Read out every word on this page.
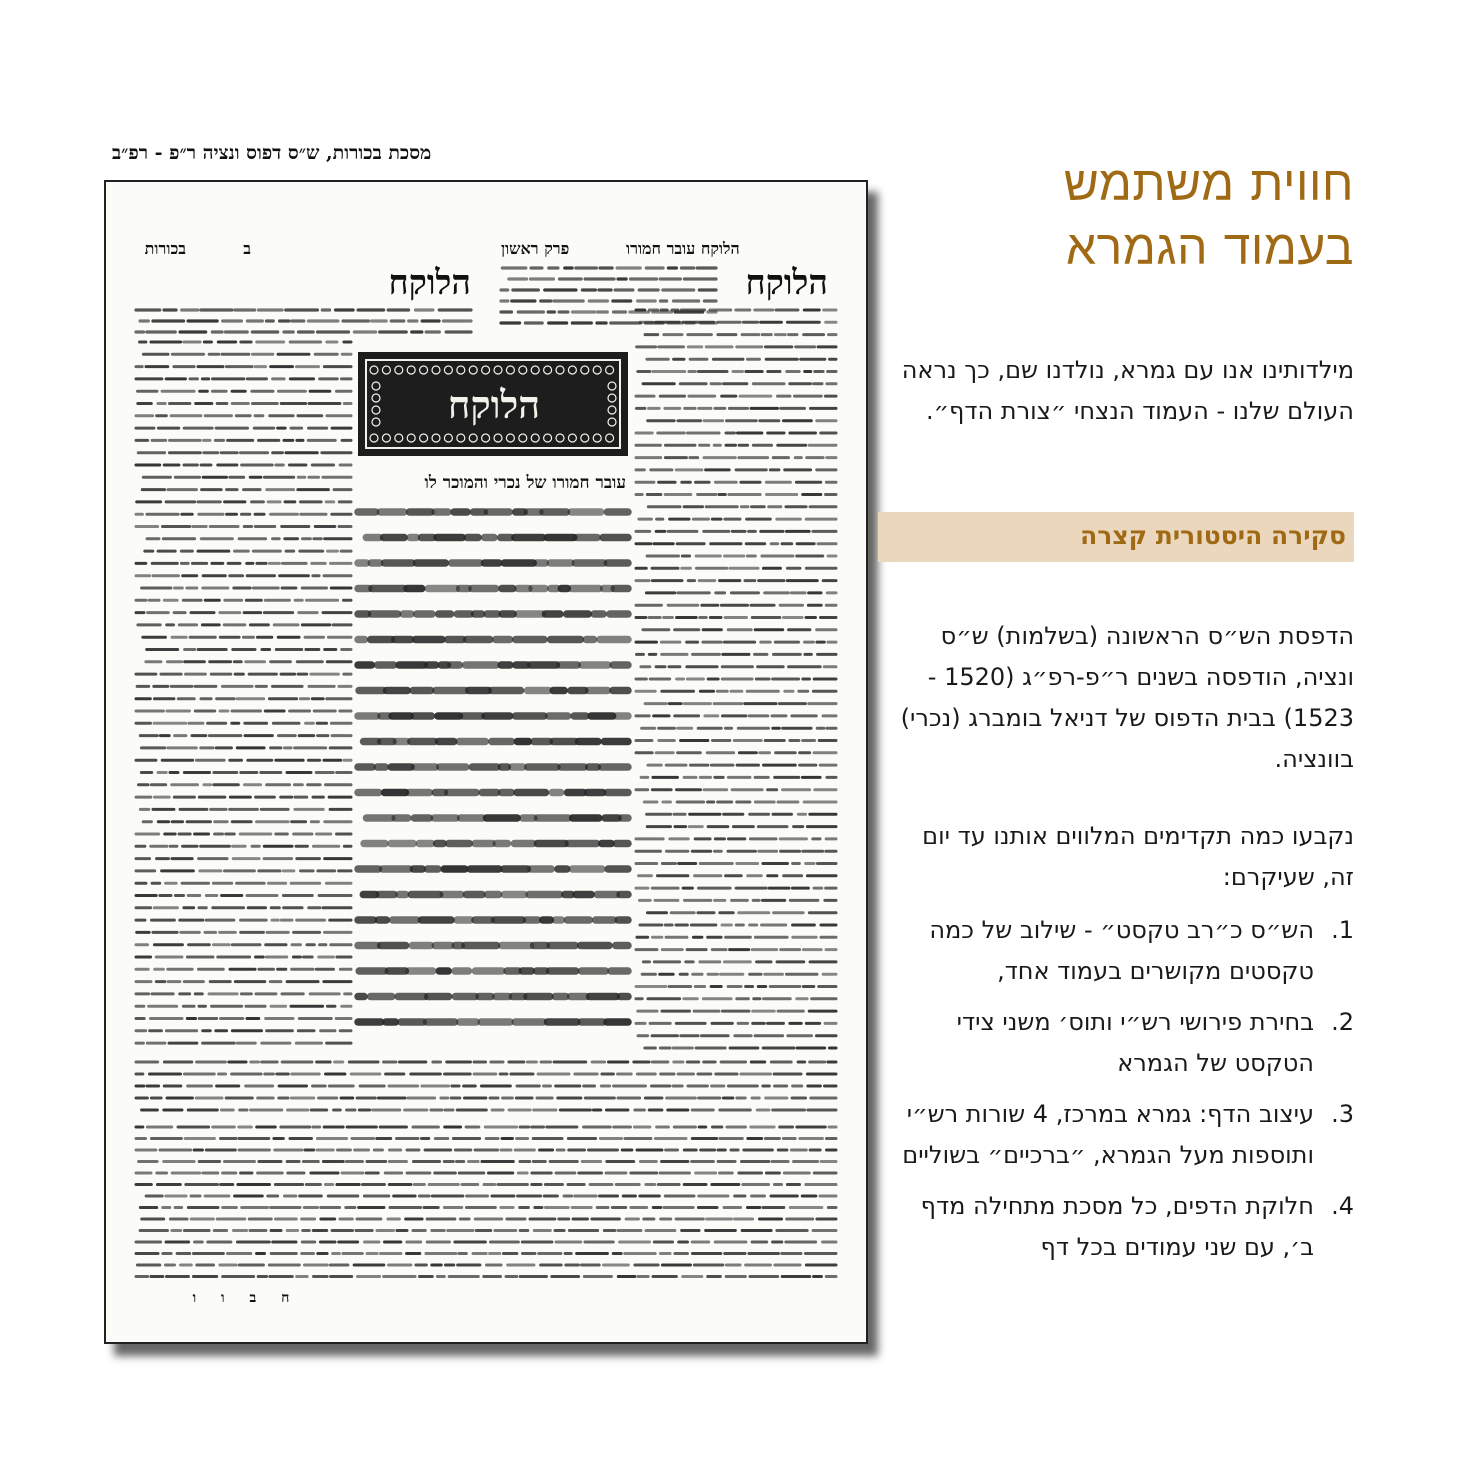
מסכת בכורות, ש״ס דפוס ונציה ר״פ - רפ״ב
הלוקח עובר חמורו
פרק ראשון
ב
בכורות
הלוקח
הלוקח
הלוקח
עובר חמורו של נכרי והמוכר לו
ח ב ו ו
חווית משתמש
בעמוד הגמרא
מילדותינו אנו עם גמרא, נולדנו שם, כך נראה העולם שלנו - העמוד הנצחי ״צורת הדף״.
סקירה היסטורית קצרה
הדפסת הש״ס הראשונה (בשלמות) ש״ס ונציה, הודפסה בשנים ר״פ-רפ״ג (1520 - 1523) בבית הדפוס של דניאל בומברג (נכרי) בוונציה.
נקבעו כמה תקדימים המלווים אותנו עד יום זה, שעיקרם:
1.
הש״ס כ״רב טקסט״ - שילוב של כמה טקסטים מקושרים בעמוד אחד,
2.
בחירת פירושי רש״י ותוס׳ משני צידי הטקסט של הגמרא
3.
עיצוב הדף: גמרא במרכז, 4 שורות רש״י ותוספות מעל הגמרא, ״ברכיים״ בשוליים
4.
חלוקת הדפים, כל מסכת מתחילה מדף ב׳, עם שני עמודים בכל דף
